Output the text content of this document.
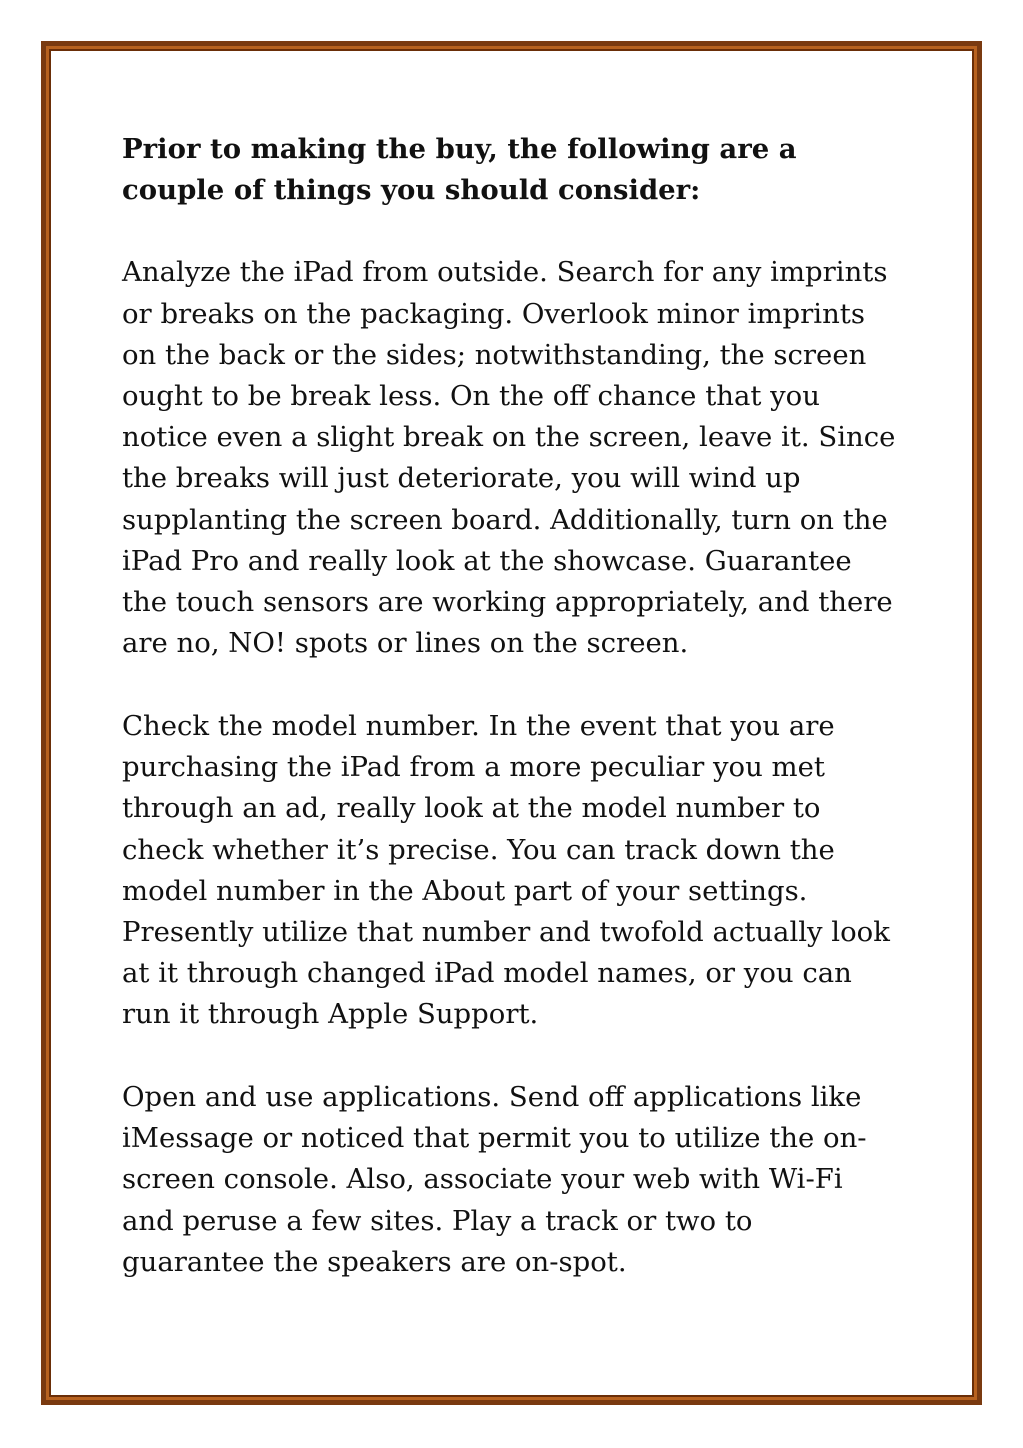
Prior to making the buy, the following are a couple of things you should consider:

Analyze the iPad from outside. Search for any imprints or breaks on the packaging. Overlook minor imprints on the back or the sides; notwithstanding, the screen ought to be break less. On the off chance that you notice even a slight break on the screen, leave it. Since the breaks will just deteriorate, you will wind up supplanting the screen board. Additionally, turn on the iPad Pro and really look at the showcase. Guarantee the touch sensors are working appropriately, and there are no, NO! spots or lines on the screen.

Check the model number. In the event that you are purchasing the iPad from a more peculiar you met through an ad, really look at the model number to check whether it’s precise. You can track down the model number in the About part of your settings. Presently utilize that number and twofold actually look at it through changed iPad model names, or you can run it through Apple Support.

Open and use applications. Send off applications like iMessage or noticed that permit you to utilize the on-screen console. Also, associate your web with Wi-Fi and peruse a few sites. Play a track or two to guarantee the speakers are on-spot.
